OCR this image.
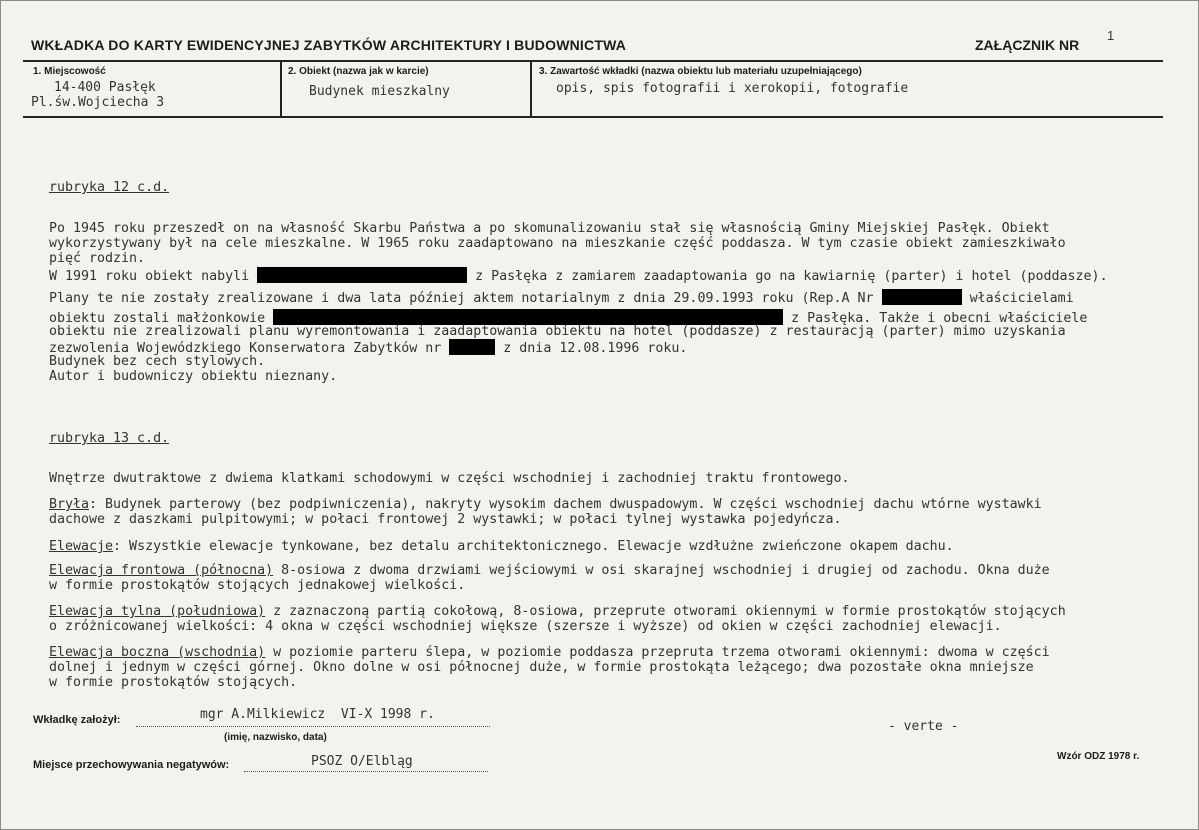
WKŁADKA DO KARTY EWIDENCYJNEJ ZABYTKÓW ARCHITEKTURY I BUDOWNICTWA	ZAŁĄCZNIK NR
1
1. Miejscowość
14-400 Pasłęk
Pl.św.Wojciecha 3
2. Obiekt (nazwa jak w karcie)
Budynek mieszkalny
3. Zawartość wkładki (nazwa obiektu lub materiału uzupełniającego)
opis, spis fotografii i xerokopii, fotografie
rubryka 12 c.d.
Po 1945 roku przeszedł on na własność Skarbu Państwa a po skomunalizowaniu stał się własnością Gminy Miejskiej Pasłęk. Obiekt
wykorzystywany był na cele mieszkalne. W 1965 roku zaadaptowano na mieszkanie część poddasza. W tym czasie obiekt zamieszkiwało
pięć rodzin.
W 1991 roku obiekt nabyli	z Pasłęka z zamiarem zaadaptowania go na kawiarnię (parter) i hotel (poddasze).
Plany te nie zostały zrealizowane i dwa lata później aktem notarialnym z dnia 29.09.1993 roku (Rep.A Nr	właścicielami
obiektu zostali małżonkowie	z Pasłęka. Także i obecni właściciele
obiektu nie zrealizowali planu wyremontowania i zaadaptowania obiektu na hotel (poddasze) z restauracją (parter) mimo uzyskania
zezwolenia Wojewódzkiego Konserwatora Zabytków nr	z dnia 12.08.1996 roku.
Budynek bez cech stylowych.
Autor i budowniczy obiektu nieznany.
rubryka 13 c.d.
Wnętrze dwutraktowe z dwiema klatkami schodowymi w części wschodniej i zachodniej traktu frontowego.
Bryła: Budynek parterowy (bez podpiwniczenia), nakryty wysokim dachem dwuspadowym. W części wschodniej dachu wtórne wystawki
dachowe z daszkami pulpitowymi; w połaci frontowej 2 wystawki; w połaci tylnej wystawka pojedyńcza.
Elewacje: Wszystkie elewacje tynkowane, bez detalu architektonicznego. Elewacje wzdłużne zwieńczone okapem dachu.
Elewacja frontowa (północna) 8-osiowa z dwoma drzwiami wejściowymi w osi skarajnej wschodniej i drugiej od zachodu. Okna duże
w formie prostokątów stojących jednakowej wielkości.
Elewacja tylna (południowa) z zaznaczoną partią cokołową, 8-osiowa, przeprute otworami okiennymi w formie prostokątów stojących
o zróżnicowanej wielkości: 4 okna w części wschodniej większe (szersze i wyższe) od okien w części zachodniej elewacji.
Elewacja boczna (wschodnia) w poziomie parteru ślepa, w poziomie poddasza przepruta trzema otworami okiennymi: dwoma w części
dolnej i jednym w części górnej. Okno dolne w osi północnej duże, w formie prostokąta leżącego; dwa pozostałe okna mniejsze
w formie prostokątów stojących.
Wkładkę założył:	mgr A.Milkiewicz  VI-X 1998 r.
(imię, nazwisko, data)
- verte -
Miejsce przechowywania negatywów:	PSOZ O/Elbląg	Wzór ODZ 1978 r.
